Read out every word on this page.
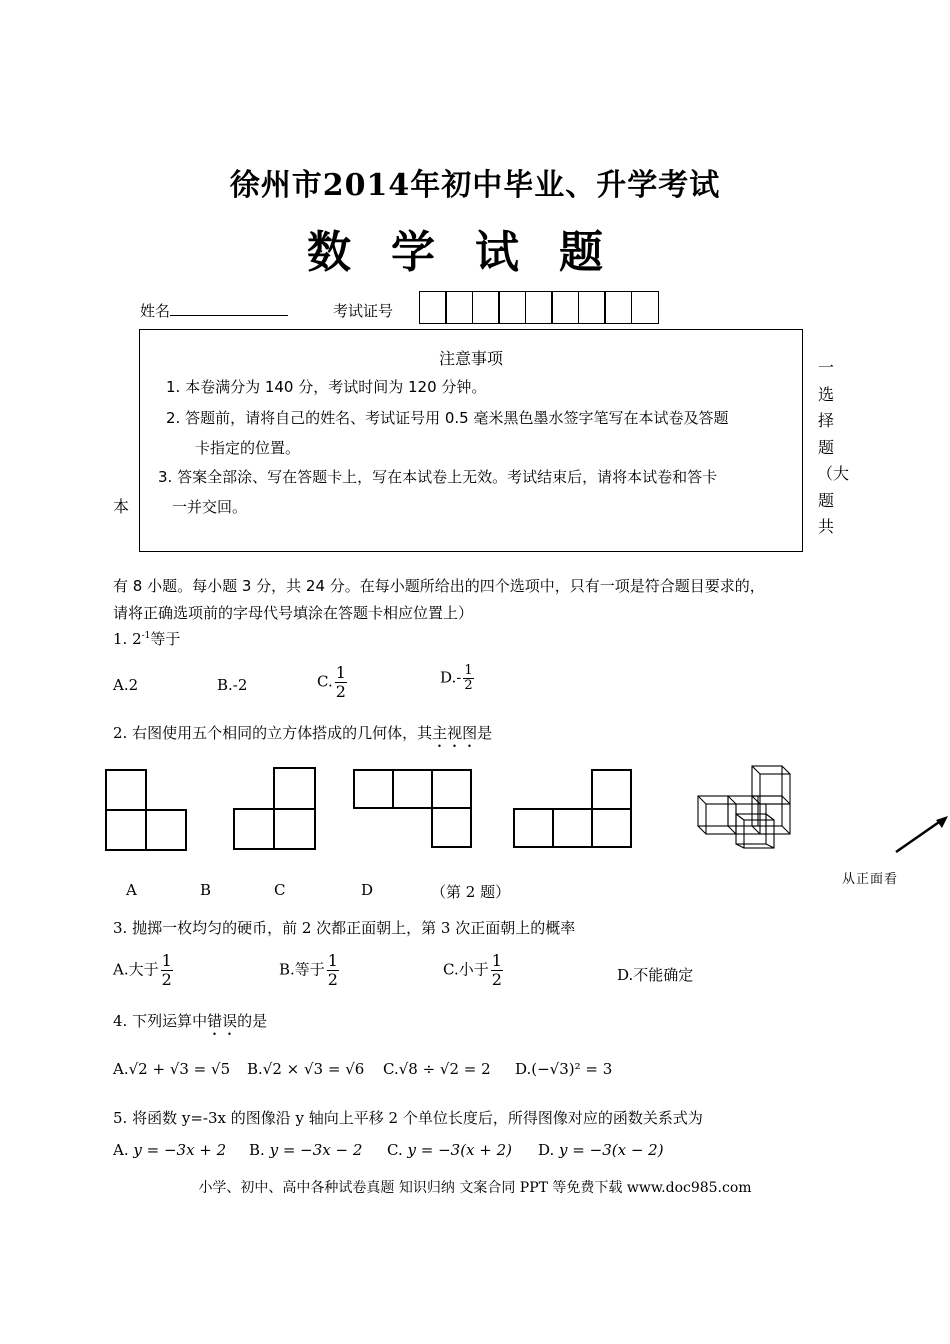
徐州市2014年初中毕业、升学考试
数学试题
姓名	考试证号
注意事项
1. 本卷满分为 140 分，考试时间为 120 分钟。
2. 答题前，请将自己的姓名、考试证号用 0.5 毫米黑色墨水签字笔写在本试卷及答题
卡指定的位置。
3. 答案全部涂、写在答题卡上，写在本试卷上无效。考试结束后，请将本试卷和答卡
一并交回。
一选择题（大题共
本
有 8 小题。每小题 3 分，共 24 分。在每小题所给出的四个选项中，只有一项是符合题目要求的，
请将正确选项前的字母代号填涂在答题卡相应位置上）
1. $2^{-1}$等于
A.2	B.-2	C. $\frac{1}{2}$	$D.- \frac{1}{2}$
2. 右图使用五个相同的立方体搭成的几何体，其主视图是
从正面看
A	B	C	D	（第 2 题）
3. 抛掷一枚均匀的硬币，前 2 次都正面朝上，第 3 次正面朝上的概率
A.大于 $\frac{1}{2}$	B.等于 $\frac{1}{2}$	C.小于 $\frac{1}{2}$	D.不能确定
4. 下列运算中错误的是
A.√2 + √3 = √5 B.√2 × √3 = √6 C.√8 ÷ √2 = 2 D.(−√3)² = 3
5. 将函数 y=-3x 的图像沿 y 轴向上平移 2 个单位长度后，所得图像对应的函数关系式为
A. y = −3x + 2 B. y = −3x − 2 C. y = −3(x + 2) D. y = −3(x − 2)
小学、初中、高中各种试卷真题 知识归纳 文案合同 PPT 等免费下载 www.doc985.com
